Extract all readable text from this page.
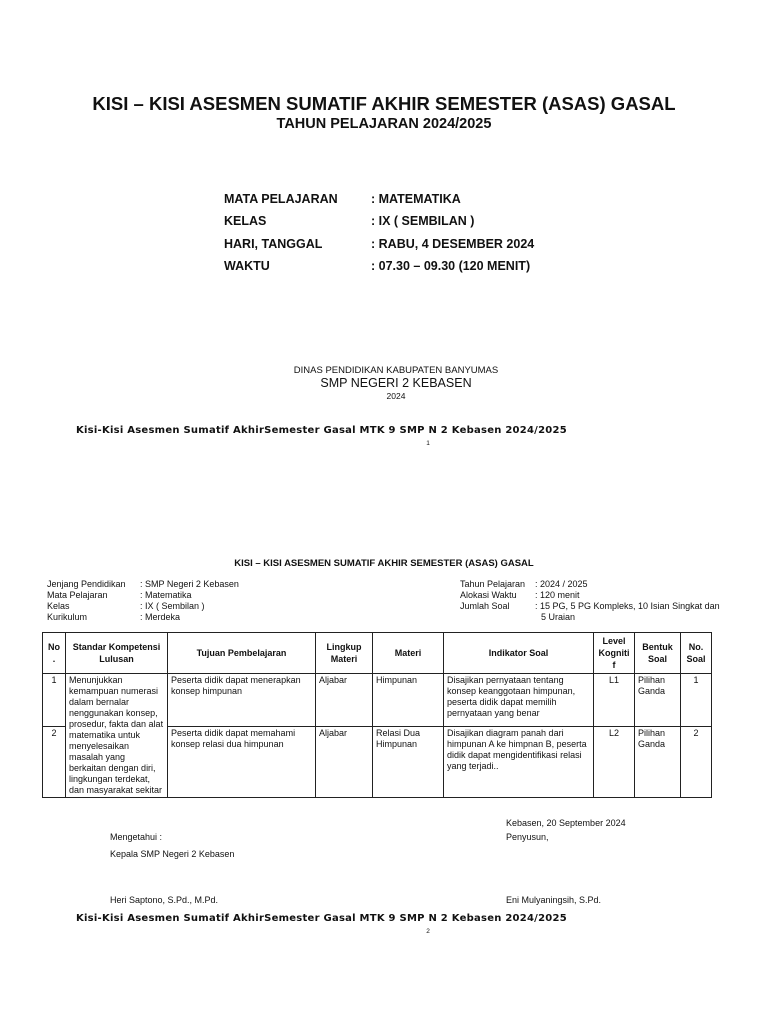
KISI – KISI ASESMEN SUMATIF AKHIR SEMESTER (ASAS) GASAL
TAHUN PELAJARAN 2024/2025
MATA PELAJARAN	: MATEMATIKA
KELAS	: IX ( SEMBILAN )
HARI, TANGGAL	: RABU, 4 DESEMBER 2024
WAKTU	: 07.30 – 09.30 (120 MENIT)
DINAS PENDIDIKAN KABUPATEN BANYUMAS
SMP NEGERI 2 KEBASEN
2024
Kisi-Kisi Asesmen Sumatif AkhirSemester Gasal MTK 9 SMP N 2 Kebasen 2024/2025
1
KISI – KISI ASESMEN SUMATIF AKHIR SEMESTER (ASAS) GASAL
Jenjang Pendidikan : SMP Negeri 2 Kebasen
Mata Pelajaran	: Matematika
Kelas	: IX ( Sembilan )
Kurikulum	: Merdeka
Tahun Pelajaran : 2024 / 2025
Alokasi Waktu : 120 menit
Jumlah Soal	: 15 PG, 5 PG Kompleks, 10 Isian Singkat dan
5 Uraian
No .	Standar Kompetensi Lulusan	Tujuan Pembelajaran	Lingkup Materi	Materi	Indikator Soal	Level Kogniti f	Bentuk Soal	No. Soal
1	Menunjukkan kemampuan numerasi dalam bernalar nenggunakan konsep, prosedur, fakta dan alat matematika untuk menyelesaikan masalah yang berkaitan dengan diri, lingkungan terdekat, dan masyarakat sekitar	Peserta didik dapat menerapkan konsep himpunan	Aljabar	Himpunan	Disajikan pernyataan tentang konsep keanggotaan himpunan, peserta didik dapat memilih pernyataan yang benar	L1	Pilihan Ganda	1
2		Peserta didik dapat memahami konsep relasi dua himpunan	Aljabar	Relasi Dua Himpunan	Disajikan diagram panah dari himpunan A ke himpnan B, peserta didik dapat mengidentifikasi relasi yang terjadi..	L2	Pilihan Ganda	2
Kebasen, 20 September 2024
Mengetahui :	Penyusun,
Kepala SMP Negeri 2 Kebasen
Heri Saptono, S.Pd., M.Pd.	Eni Mulyaningsih, S.Pd.
Kisi-Kisi Asesmen Sumatif AkhirSemester Gasal MTK 9 SMP N 2 Kebasen 2024/2025
2
